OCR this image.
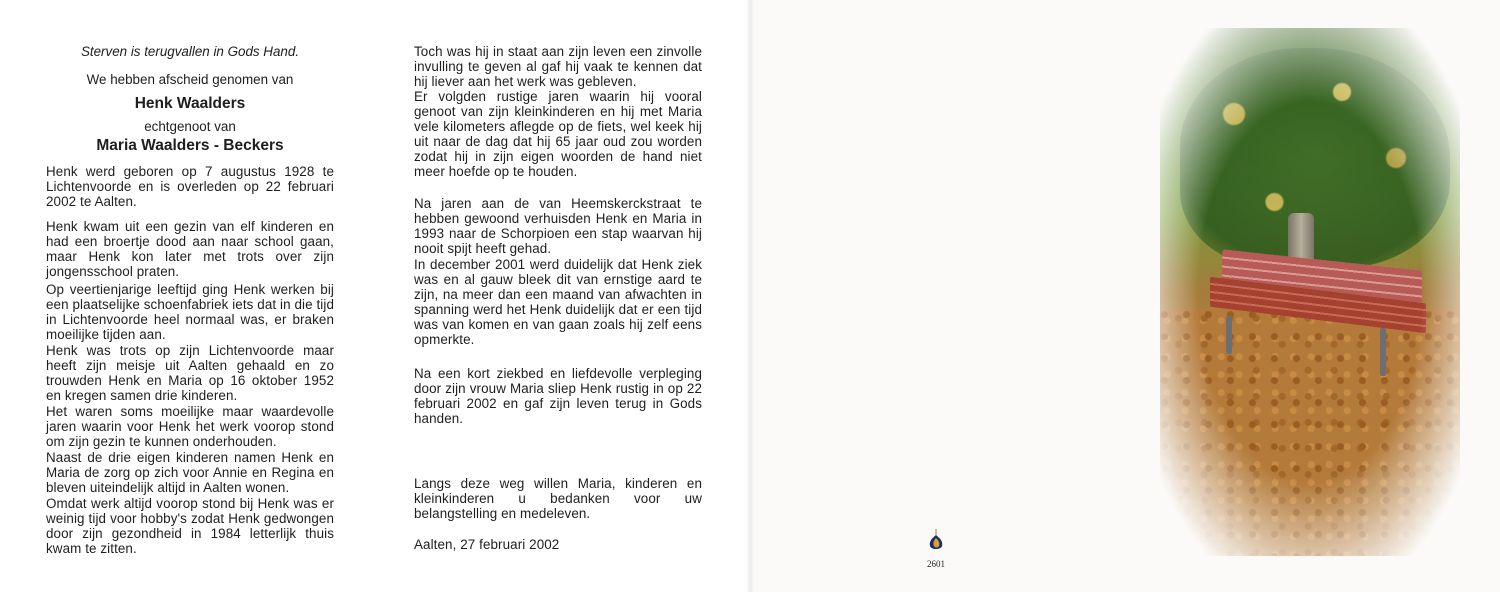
Sterven is terugvallen in Gods Hand.
We hebben afscheid genomen van
Henk Waalders
echtgenoot van
Maria Waalders - Beckers

Henk werd geboren op 7 augustus 1928 te Lichtenvoorde en is overleden op 22 februari 2002 te Aalten.

Henk kwam uit een gezin van elf kinderen en had een broertje dood aan naar school gaan, maar Henk kon later met trots over zijn jongensschool praten.

Op veertienjarige leeftijd ging Henk werken bij een plaatselijke schoenfabriek iets dat in die tijd in Lichtenvoorde heel normaal was, er braken moeilijke tijden aan.

Henk was trots op zijn Lichtenvoorde maar heeft zijn meisje uit Aalten gehaald en zo trouwden Henk en Maria op 16 oktober 1952 en kregen samen drie kinderen.

Het waren soms moeilijke maar waardevolle jaren waarin voor Henk het werk voorop stond om zijn gezin te kunnen onderhouden.

Naast de drie eigen kinderen namen Henk en Maria de zorg op zich voor Annie en Regina en bleven uiteindelijk altijd in Aalten wonen.

Omdat werk altijd voorop stond bij Henk was er weinig tijd voor hobby's zodat Henk gedwongen door zijn gezondheid in 1984 letterlijk thuis kwam te zitten.

Toch was hij in staat aan zijn leven een zinvolle invulling te geven al gaf hij vaak te kennen dat hij liever aan het werk was gebleven.

Er volgden rustige jaren waarin hij vooral genoot van zijn kleinkinderen en hij met Maria vele kilometers aflegde op de fiets, wel keek hij uit naar de dag dat hij 65 jaar oud zou worden zodat hij in zijn eigen woorden de hand niet meer hoefde op te houden.

Na jaren aan de van Heemskerckstraat te hebben gewoond verhuisden Henk en Maria in 1993 naar de Schorpioen een stap waarvan hij nooit spijt heeft gehad.

In december 2001 werd duidelijk dat Henk ziek was en al gauw bleek dit van ernstige aard te zijn, na meer dan een maand van afwachten in spanning werd het Henk duidelijk dat er een tijd was van komen en van gaan zoals hij zelf eens opmerkte.

Na een kort ziekbed en liefdevolle verpleging door zijn vrouw Maria sliep Henk rustig in op 22 februari 2002 en gaf zijn leven terug in Gods handen.

Langs deze weg willen Maria, kinderen en kleinkinderen u bedanken voor uw belangstelling en medeleven.

Aalten, 27 februari 2002

2601
